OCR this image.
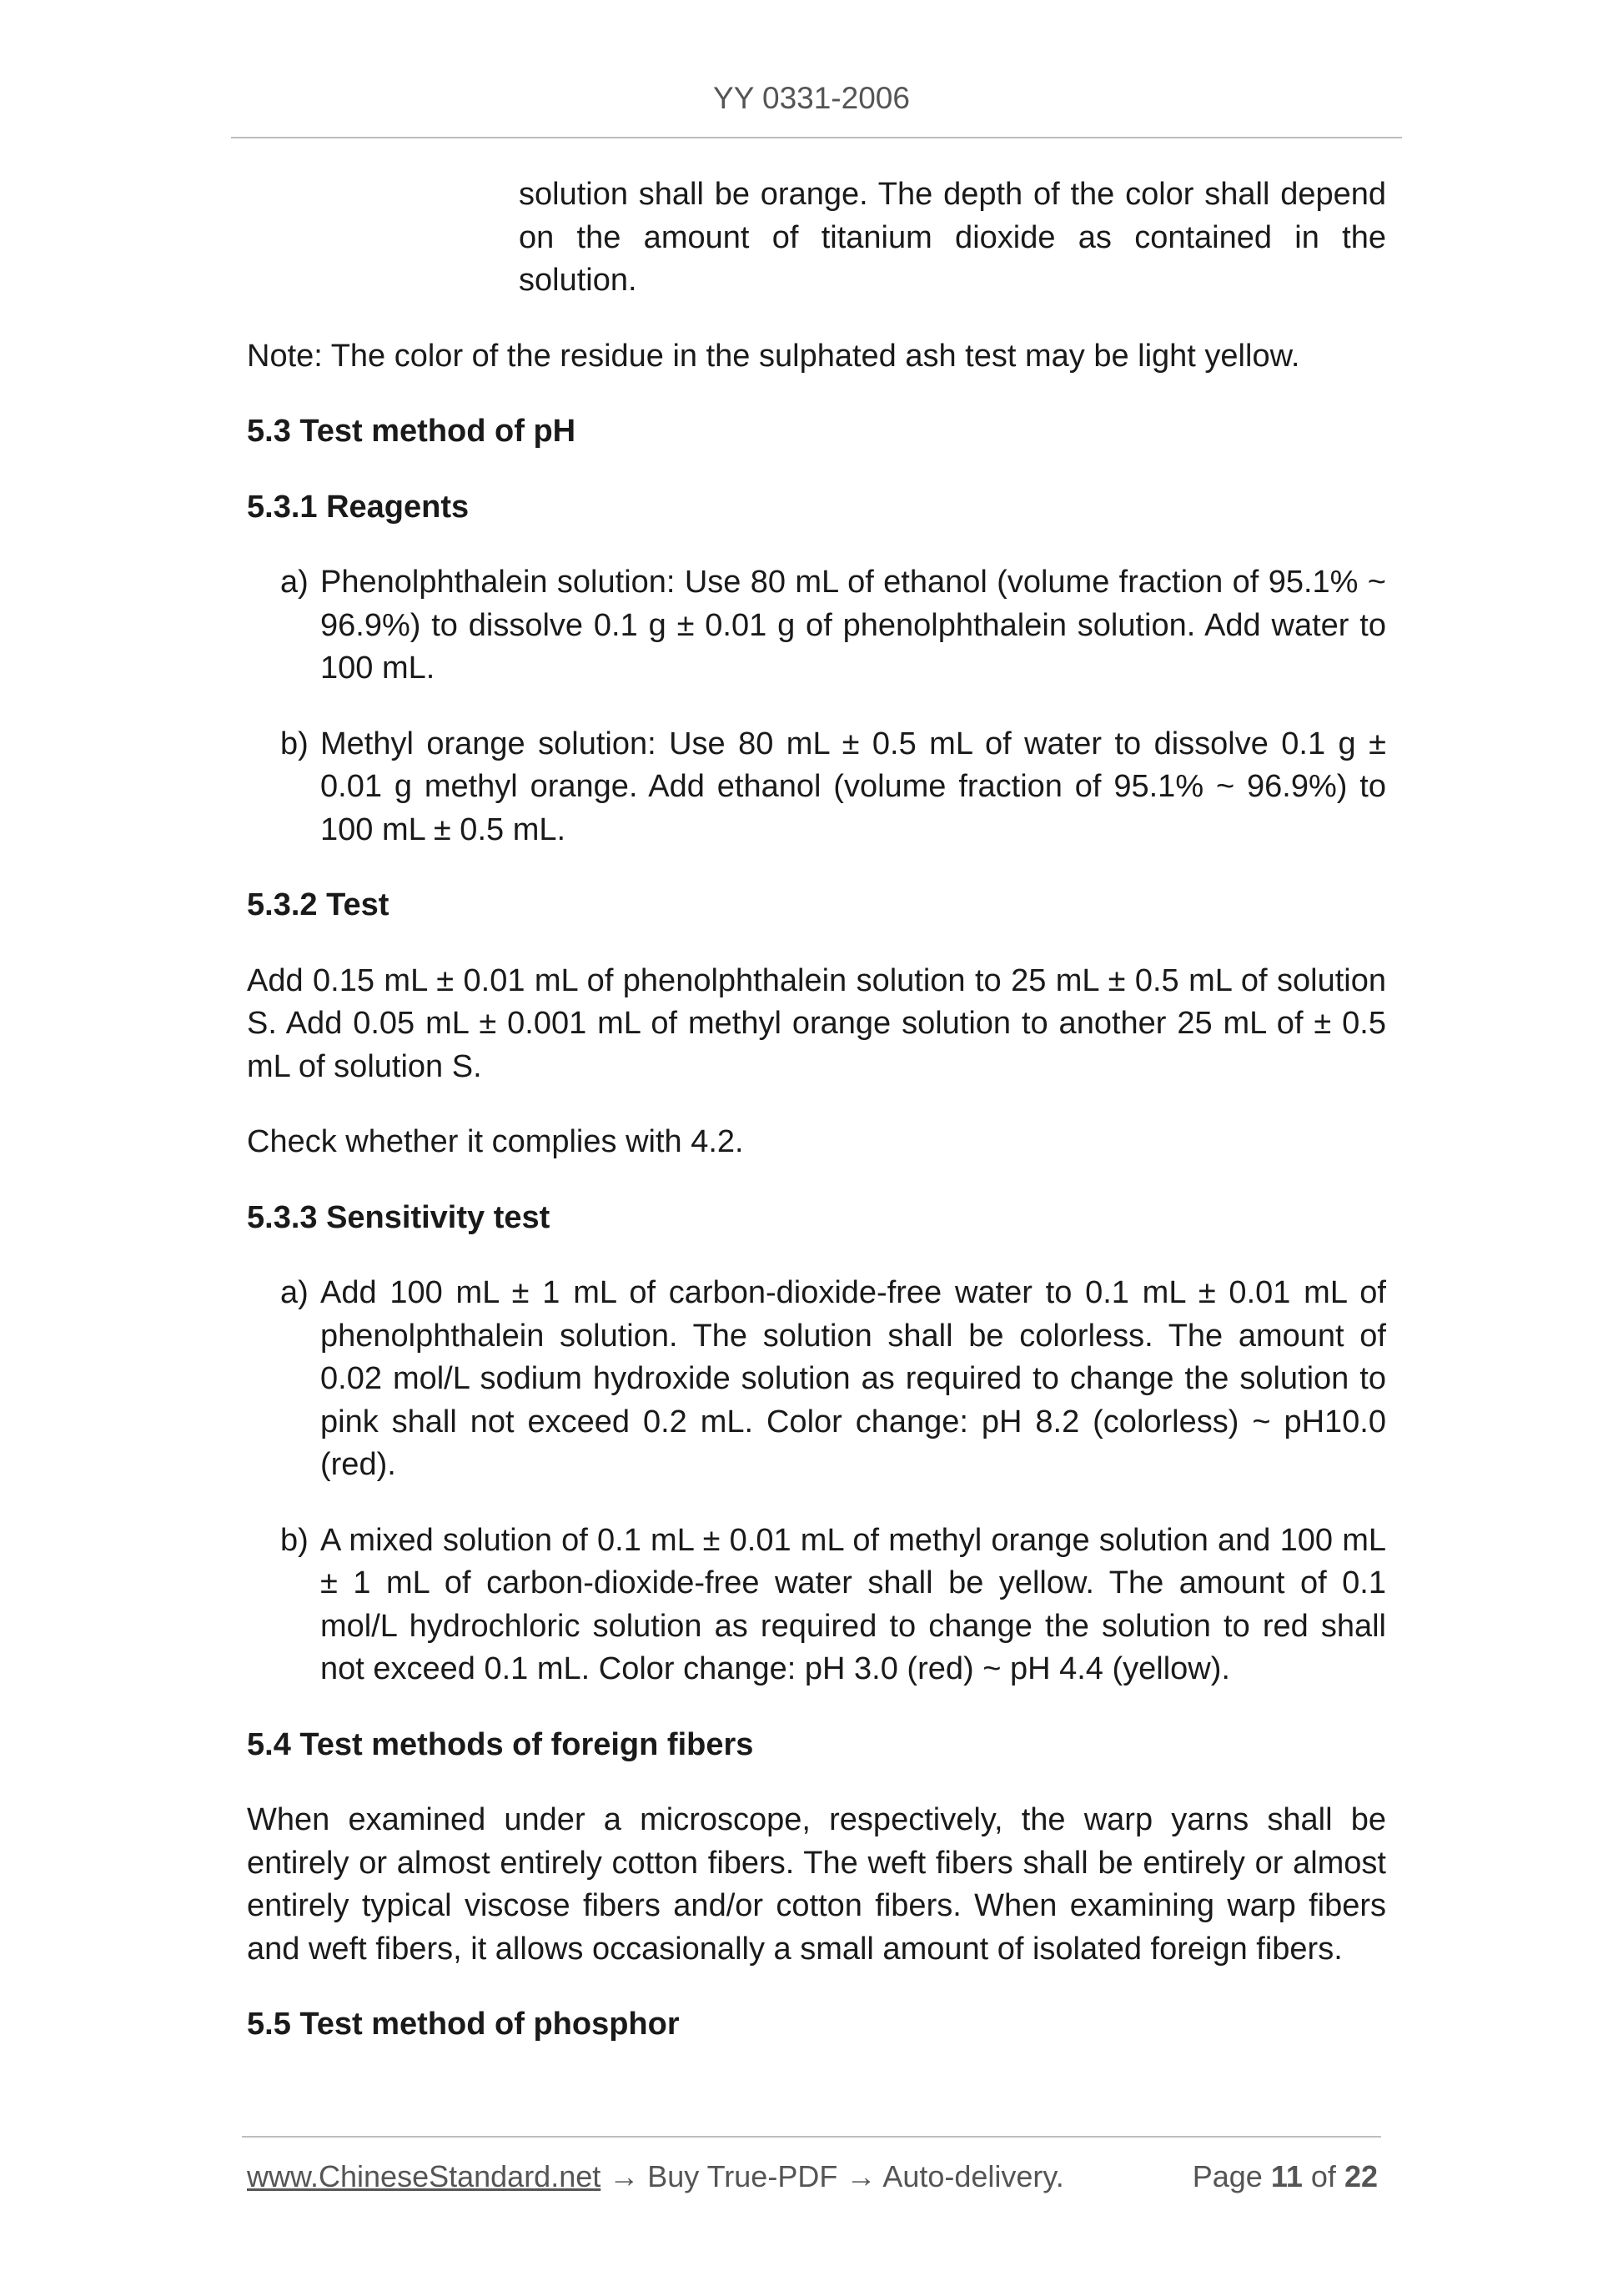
YY 0331-2006

solution shall be orange. The depth of the color shall depend on the amount of titanium dioxide as contained in the solution.

Note: The color of the residue in the sulphated ash test may be light yellow.

5.3 Test method of pH

5.3.1 Reagents

a) Phenolphthalein solution: Use 80 mL of ethanol (volume fraction of 95.1% ~ 96.9%) to dissolve 0.1 g ± 0.01 g of phenolphthalein solution. Add water to 100 mL.

b) Methyl orange solution: Use 80 mL ± 0.5 mL of water to dissolve 0.1 g ± 0.01 g methyl orange. Add ethanol (volume fraction of 95.1% ~ 96.9%) to 100 mL ± 0.5 mL.

5.3.2 Test

Add 0.15 mL ± 0.01 mL of phenolphthalein solution to 25 mL ± 0.5 mL of solution S. Add 0.05 mL ± 0.001 mL of methyl orange solution to another 25 mL of ± 0.5 mL of solution S.

Check whether it complies with 4.2.

5.3.3 Sensitivity test

a) Add 100 mL ± 1 mL of carbon-dioxide-free water to 0.1 mL ± 0.01 mL of phenolphthalein solution. The solution shall be colorless. The amount of 0.02 mol/L sodium hydroxide solution as required to change the solution to pink shall not exceed 0.2 mL. Color change: pH 8.2 (colorless) ~ pH10.0 (red).

b) A mixed solution of 0.1 mL ± 0.01 mL of methyl orange solution and 100 mL ± 1 mL of carbon-dioxide-free water shall be yellow. The amount of 0.1 mol/L hydrochloric solution as required to change the solution to red shall not exceed 0.1 mL. Color change: pH 3.0 (red) ~ pH 4.4 (yellow).

5.4 Test methods of foreign fibers

When examined under a microscope, respectively, the warp yarns shall be entirely or almost entirely cotton fibers. The weft fibers shall be entirely or almost entirely typical viscose fibers and/or cotton fibers. When examining warp fibers and weft fibers, it allows occasionally a small amount of isolated foreign fibers.

5.5 Test method of phosphor

www.ChineseStandard.net → Buy True-PDF → Auto-delivery.	Page 11 of 22
